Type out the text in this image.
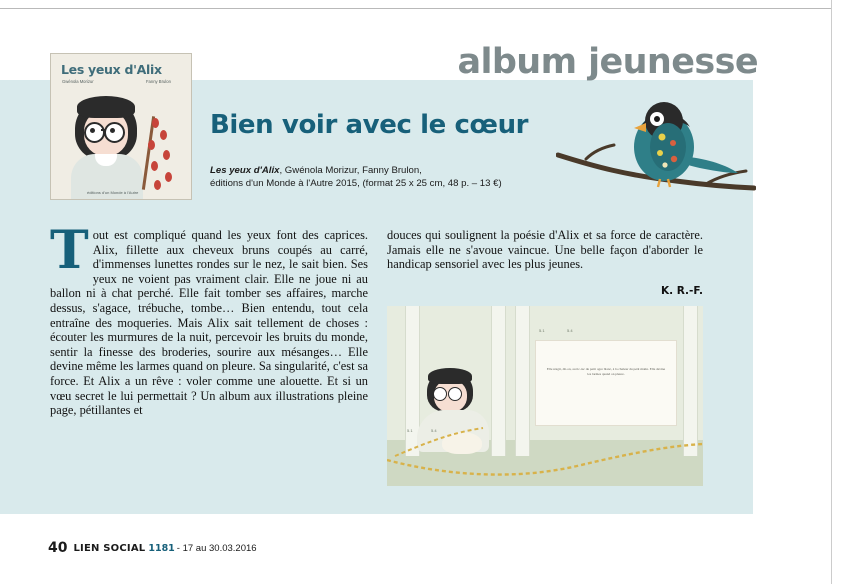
album jeunesse
Les yeux d'Alix
Gwénola Morizur	Fanny Brulon
éditions d'un Monde à l'Autre
Bien voir avec le cœur
Les yeux d'Alix, Gwénola Morizur, Fanny Brulon,
éditions d'un Monde à l'Autre 2015, (format 25 x 25 cm, 48 p. – 13 €)
Tout est compliqué quand les yeux font des caprices. Alix, fillette aux cheveux bruns coupés au carré, d'immenses lunettes rondes sur le nez, le sait bien. Ses yeux ne voient pas vraiment clair. Elle ne joue ni au ballon ni à chat perché. Elle fait tomber ses affaires, marche dessus, s'agace, trébuche, tombe… Bien entendu, tout cela entraîne des moqueries. Mais Alix sait tellement de choses : écouter les murmures de la nuit, percevoir les bruits du monde, sentir la finesse des broderies, sourire aux mésanges… Elle devine même les larmes quand on pleure. Sa singularité, c'est sa force. Et Alix a un rêve : voler comme une alouette. Et si un vœu secret le lui permettait ? Un album aux illustrations pleine page, pétillantes et
douces qui soulignent la poésie d'Alix et sa force de caractère. Jamais elle ne s'avoue vaincue. Une belle façon d'aborder le handicap sensoriel avec les plus jeunes.
K. R.-F.

Elle réagit, dit-on, au tic-tac du petit ogre blanc, à la chaleur du petit matin. Elle devine les larmes quand on pleure.

5.1	5.4
5.1	5.4
40 LIEN SOCIAL 1181 - 17 au 30.03.2016
